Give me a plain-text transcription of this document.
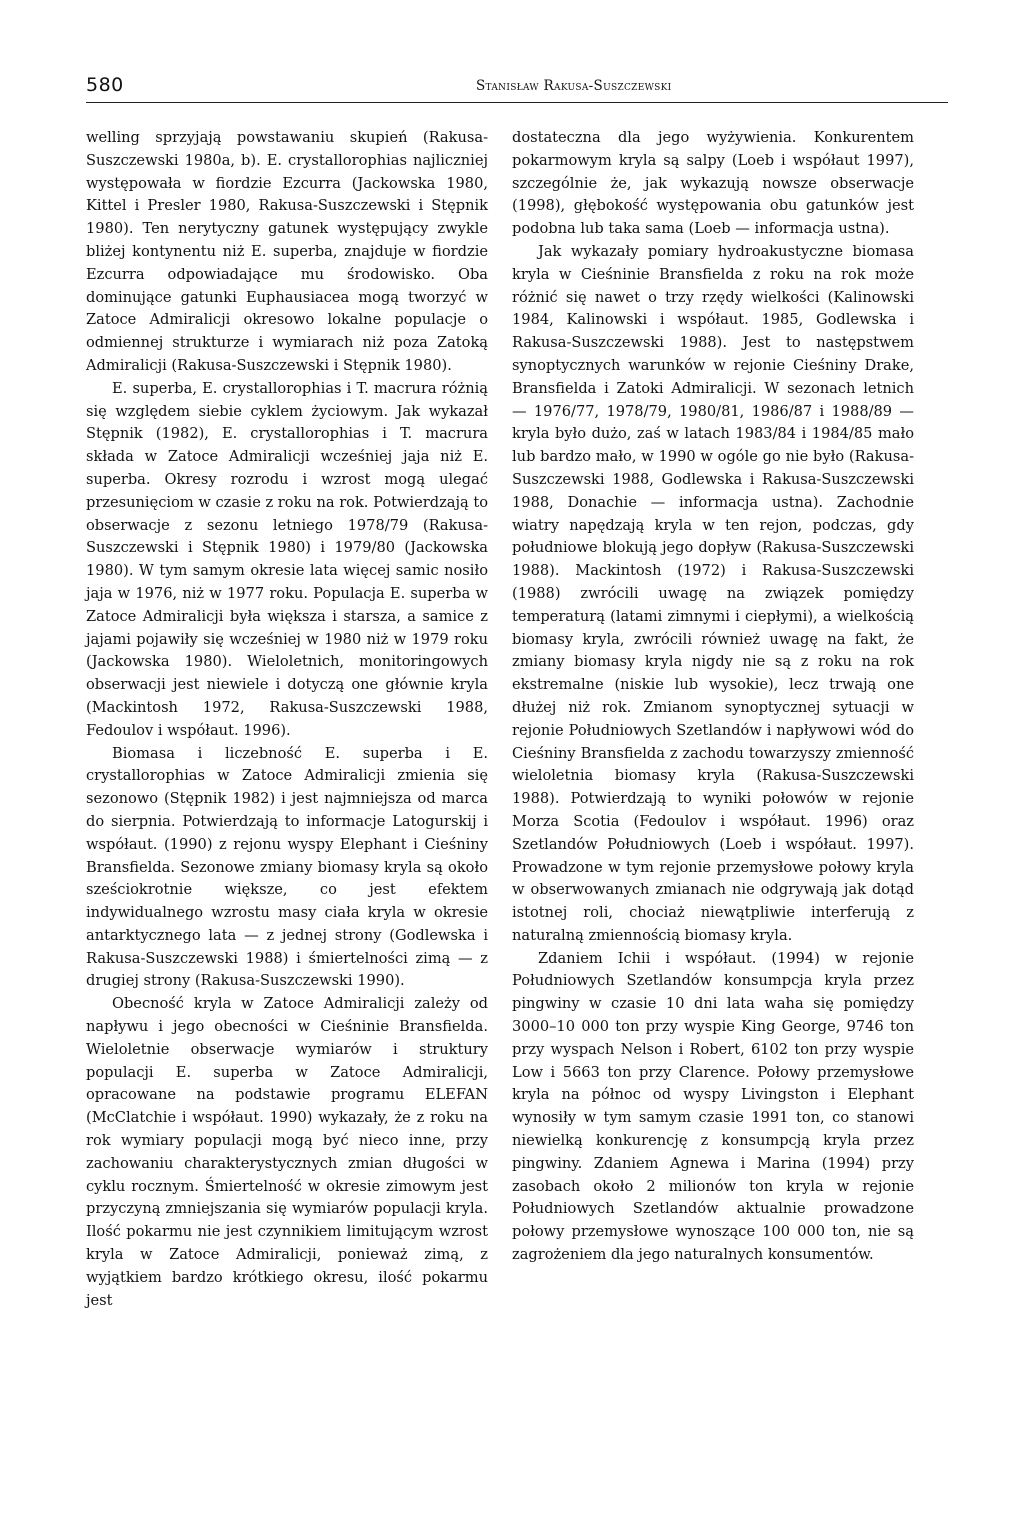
580	Stanisław Rakusa-Suszczewski

welling sprzyjają powstawaniu skupień (Rakusa-Suszczewski 1980a, b). E. crystallorophias najliczniej występowała w fiordzie Ezcurra (Jackowska 1980, Kittel i Presler 1980, Rakusa-Suszczewski i Stępnik 1980). Ten nerytyczny gatunek występujący zwykle bliżej kontynentu niż E. superba, znajduje w fiordzie Ezcurra odpowiadające mu środowisko. Oba dominujące gatunki Euphausiacea mogą tworzyć w Zatoce Admiralicji okresowo lokalne populacje o odmiennej strukturze i wymiarach niż poza Zatoką Admiralicji (Rakusa-Suszczewski i Stępnik 1980).

E. superba, E. crystallorophias i T. macrura różnią się względem siebie cyklem życiowym. Jak wykazał Stępnik (1982), E. crystallorophias i T. macrura składa w Zatoce Admiralicji wcześniej jaja niż E. superba. Okresy rozrodu i wzrost mogą ulegać przesunięciom w czasie z roku na rok. Potwierdzają to obserwacje z sezonu letniego 1978/79 (Rakusa-Suszczewski i Stępnik 1980) i 1979/80 (Jackowska 1980). W tym samym okresie lata więcej samic nosiło jaja w 1976, niż w 1977 roku. Populacja E. superba w Zatoce Admiralicji była większa i starsza, a samice z jajami pojawiły się wcześniej w 1980 niż w 1979 roku (Jackowska 1980). Wieloletnich, monitoringowych obserwacji jest niewiele i dotyczą one głównie kryla (Mackintosh 1972, Rakusa-Suszczewski 1988, Fedoulov i współaut. 1996).

Biomasa i liczebność E. superba i E. crystallorophias w Zatoce Admiralicji zmienia się sezonowo (Stępnik 1982) i jest najmniejsza od marca do sierpnia. Potwierdzają to informacje Latogurskij i współaut. (1990) z rejonu wyspy Elephant i Cieśniny Bransfielda. Sezonowe zmiany biomasy kryla są około sześciokrotnie większe, co jest efektem indywidualnego wzrostu masy ciała kryla w okresie antarktycznego lata — z jednej strony (Godlewska i Rakusa-Suszczewski 1988) i śmiertelności zimą — z drugiej strony (Rakusa-Suszczewski 1990).

Obecność kryla w Zatoce Admiralicji zależy od napływu i jego obecności w Cieśninie Bransfielda. Wieloletnie obserwacje wymiarów i struktury populacji E. superba w Zatoce Admiralicji, opracowane na podstawie programu ELEFAN (McClatchie i współaut. 1990) wykazały, że z roku na rok wymiary populacji mogą być nieco inne, przy zachowaniu charakterystycznych zmian długości w cyklu rocznym. Śmiertelność w okresie zimowym jest przyczyną zmniejszania się wymiarów populacji kryla. Ilość pokarmu nie jest czynnikiem limitującym wzrost kryla w Zatoce Admiralicji, ponieważ zimą, z wyjątkiem bardzo krótkiego okresu, ilość pokarmu jest

dostateczna dla jego wyżywienia. Konkurentem pokarmowym kryla są salpy (Loeb i współaut 1997), szczególnie że, jak wykazują nowsze obserwacje (1998), głębokość występowania obu gatunków jest podobna lub taka sama (Loeb — informacja ustna).

Jak wykazały pomiary hydroakustyczne biomasa kryla w Cieśninie Bransfielda z roku na rok może różnić się nawet o trzy rzędy wielkości (Kalinowski 1984, Kalinowski i współaut. 1985, Godlewska i Rakusa-Suszczewski 1988). Jest to następstwem synoptycznych warunków w rejonie Cieśniny Drake, Bransfielda i Zatoki Admiralicji. W sezonach letnich — 1976/77, 1978/79, 1980/81, 1986/87 i 1988/89 — kryla było dużo, zaś w latach 1983/84 i 1984/85 mało lub bardzo mało, w 1990 w ogóle go nie było (Rakusa-Suszczewski 1988, Godlewska i Rakusa-Suszczewski 1988, Donachie — informacja ustna). Zachodnie wiatry napędzają kryla w ten rejon, podczas, gdy południowe blokują jego dopływ (Rakusa-Suszczewski 1988). Mackintosh (1972) i Rakusa-Suszczewski (1988) zwrócili uwagę na związek pomiędzy temperaturą (latami zimnymi i ciepłymi), a wielkością biomasy kryla, zwrócili również uwagę na fakt, że zmiany biomasy kryla nigdy nie są z roku na rok ekstremalne (niskie lub wysokie), lecz trwają one dłużej niż rok. Zmianom synoptycznej sytuacji w rejonie Południowych Szetlandów i napływowi wód do Cieśniny Bransfielda z zachodu towarzyszy zmienność wieloletnia biomasy kryla (Rakusa-Suszczewski 1988). Potwierdzają to wyniki połowów w rejonie Morza Scotia (Fedoulov i współaut. 1996) oraz Szetlandów Południowych (Loeb i współaut. 1997). Prowadzone w tym rejonie przemysłowe połowy kryla w obserwowanych zmianach nie odgrywają jak dotąd istotnej roli, chociaż niewątpliwie interferują z naturalną zmiennością biomasy kryla.

Zdaniem Ichii i współaut. (1994) w rejonie Południowych Szetlandów konsumpcja kryla przez pingwiny w czasie 10 dni lata waha się pomiędzy 3000–10 000 ton przy wyspie King George, 9746 ton przy wyspach Nelson i Robert, 6102 ton przy wyspie Low i 5663 ton przy Clarence. Połowy przemysłowe kryla na północ od wyspy Livingston i Elephant wynosiły w tym samym czasie 1991 ton, co stanowi niewielką konkurencję z konsumpcją kryla przez pingwiny. Zdaniem Agnewa i Marina (1994) przy zasobach około 2 milionów ton kryla w rejonie Południowych Szetlandów aktualnie prowadzone połowy przemysłowe wynoszące 100 000 ton, nie są zagrożeniem dla jego naturalnych konsumentów.
